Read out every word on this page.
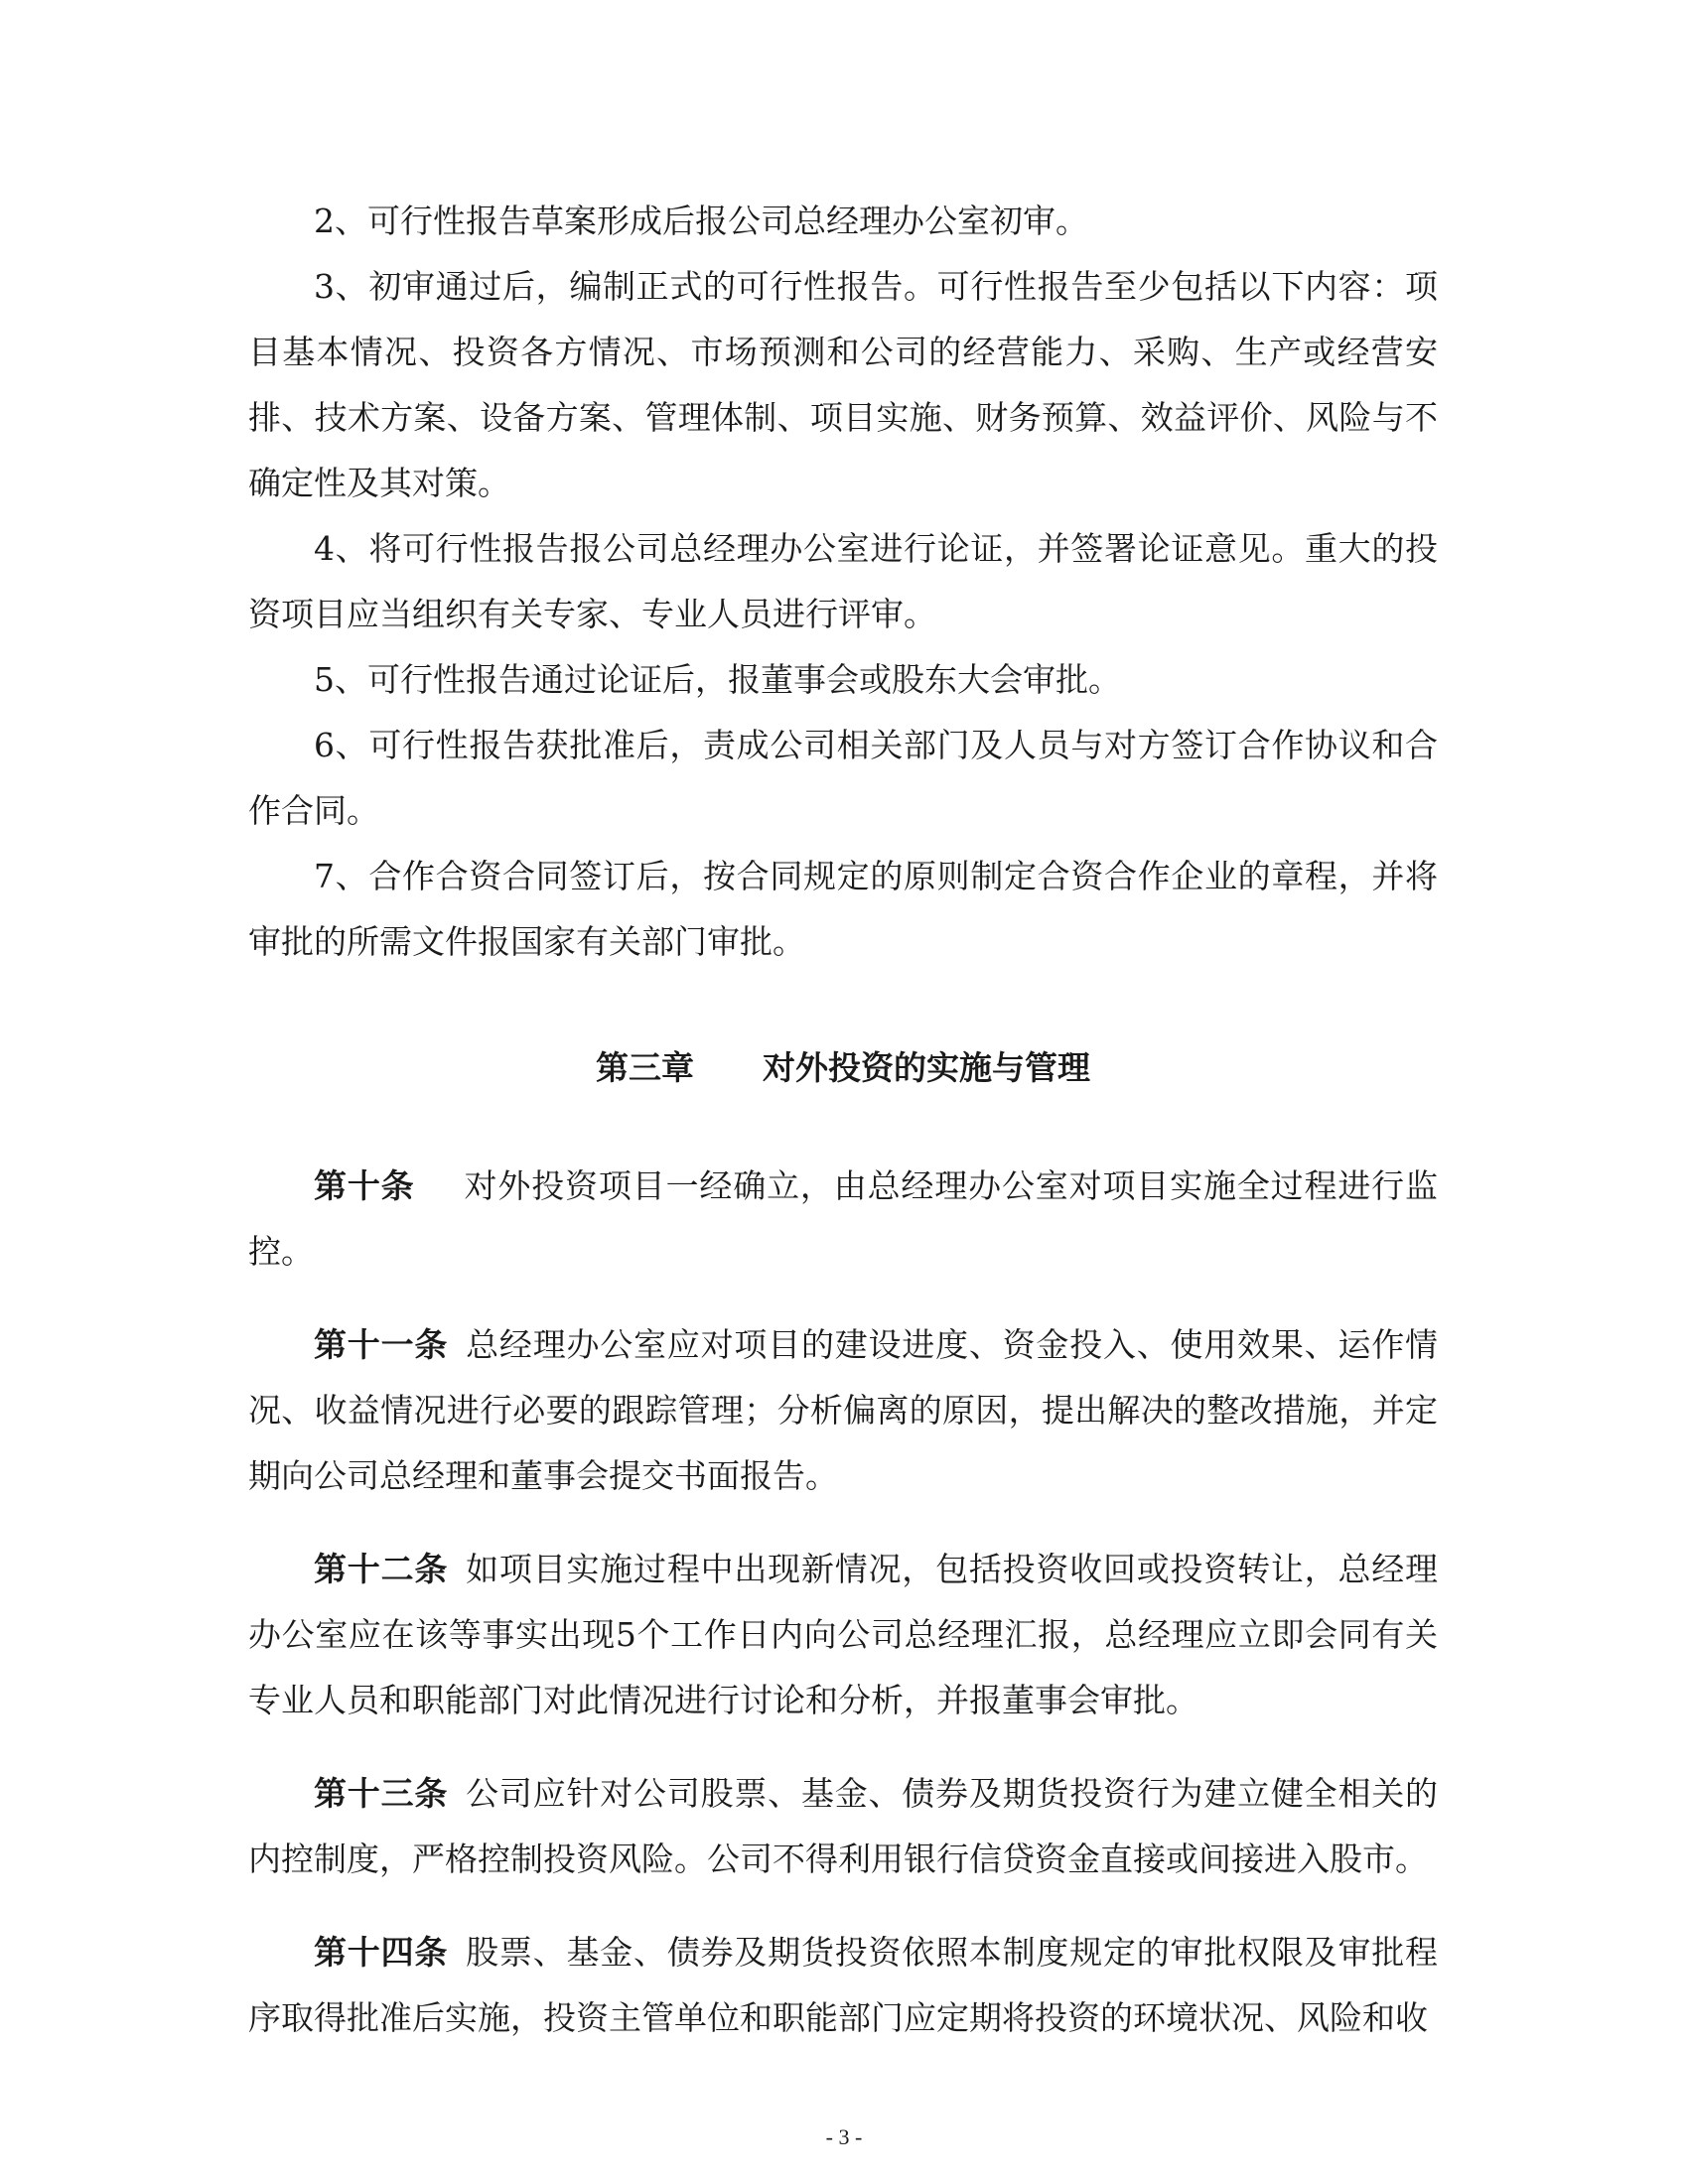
2、可行性报告草案形成后报公司总经理办公室初审。

3、初审通过后，编制正式的可行性报告。可行性报告至少包括以下内容：项目基本情况、投资各方情况、市场预测和公司的经营能力、采购、生产或经营安排、技术方案、设备方案、管理体制、项目实施、财务预算、效益评价、风险与不确定性及其对策。

4、将可行性报告报公司总经理办公室进行论证，并签署论证意见。重大的投资项目应当组织有关专家、专业人员进行评审。

5、可行性报告通过论证后，报董事会或股东大会审批。

6、可行性报告获批准后，责成公司相关部门及人员与对方签订合作协议和合作合同。

7、合作合资合同签订后，按合同规定的原则制定合资合作企业的章程，并将审批的所需文件报国家有关部门审批。

第三章      对外投资的实施与管理

第十条 对外投资项目一经确立，由总经理办公室对项目实施全过程进行监控。

第十一条 总经理办公室应对项目的建设进度、资金投入、使用效果、运作情况、收益情况进行必要的跟踪管理；分析偏离的原因，提出解决的整改措施，并定期向公司总经理和董事会提交书面报告。

第十二条 如项目实施过程中出现新情况，包括投资收回或投资转让，总经理办公室应在该等事实出现5个工作日内向公司总经理汇报，总经理应立即会同有关专业人员和职能部门对此情况进行讨论和分析，并报董事会审批。

第十三条 公司应针对公司股票、基金、债券及期货投资行为建立健全相关的内控制度，严格控制投资风险。公司不得利用银行信贷资金直接或间接进入股市。

第十四条 股票、基金、债券及期货投资依照本制度规定的审批权限及审批程序取得批准后实施，投资主管单位和职能部门应定期将投资的环境状况、风险和收

- 3 -
